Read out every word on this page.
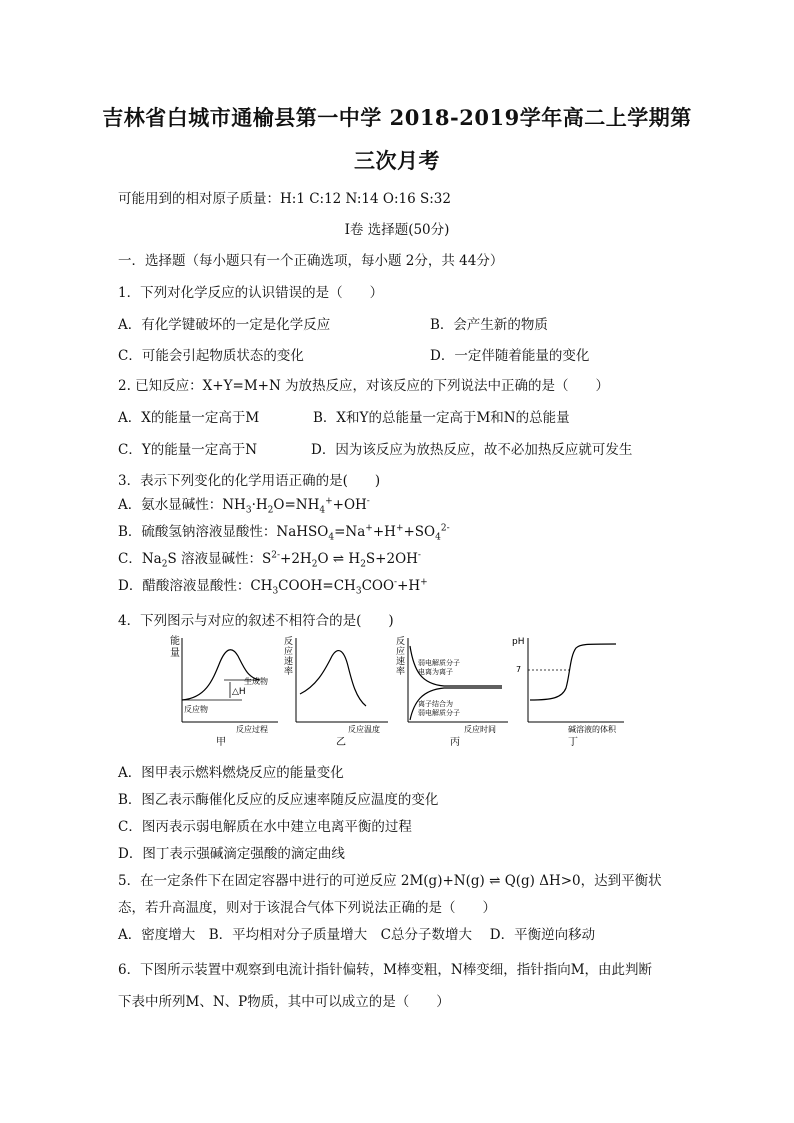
吉林省白城市通榆县第一中学 2018-2019学年高二上学期第
三次月考
可能用到的相对原子质量：H:1 C:12 N:14 O:16 S:32
Ⅰ卷 选择题(50分)
一．选择题（每小题只有一个正确选项，每小题 2分，共 44分）
1．下列对化学反应的认识错误的是（　　）
A．有化学键破坏的一定是化学反应	B．会产生新的物质
C．可能会引起物质状态的变化	D．一定伴随着能量的变化
2. 已知反应：X+Y=M+N 为放热反应，对该反应的下列说法中正确的是（　　）
A．X的能量一定高于M	B．X和Y的总能量一定高于M和N的总能量
C．Y的能量一定高于N	D．因为该反应为放热反应，故不必加热反应就可发生
3．表示下列变化的化学用语正确的是(　　)
A．氨水显碱性：$NH_3\cdot H_2O=NH_4^++OH^-$
B．硫酸氢钠溶液显酸性：$NaHSO_4=Na^++H^++SO_4^{2-}$
C．$Na_2S$ 溶液显碱性：$S^{2-}+2H_2O$ ⇌ $H_2S+2OH^-$
D．醋酸溶液显酸性：$CH_3COOH=CH_3COO^-+H^+$
4．下列图示与对应的叙述不相符合的是(　　)
能
量
△H
生成物
反应物
反应过程
甲
反
应
速
率
反应温度
乙
反
应
速
率
弱电解质分子
电离为离子
离子结合为
弱电解质分子
反应时间
丙
pH
7
碱溶液的体积
丁
A．图甲表示燃料燃烧反应的能量变化
B．图乙表示酶催化反应的反应速率随反应温度的变化
C．图丙表示弱电解质在水中建立电离平衡的过程
D．图丁表示强碱滴定强酸的滴定曲线
5．在一定条件下在固定容器中进行的可逆反应 2M(g)+N(g) ⇌ Q(g) ΔH>0，达到平衡状
态，若升高温度，则对于该混合气体下列说法正确的是（　　）
A．密度增大　B．平均相对分子质量增大　C总分子数增大　 D．平衡逆向移动
6．下图所示装置中观察到电流计指针偏转，M棒变粗，N棒变细，指针指向M，由此判断
下表中所列M、N、P物质，其中可以成立的是（　　）
